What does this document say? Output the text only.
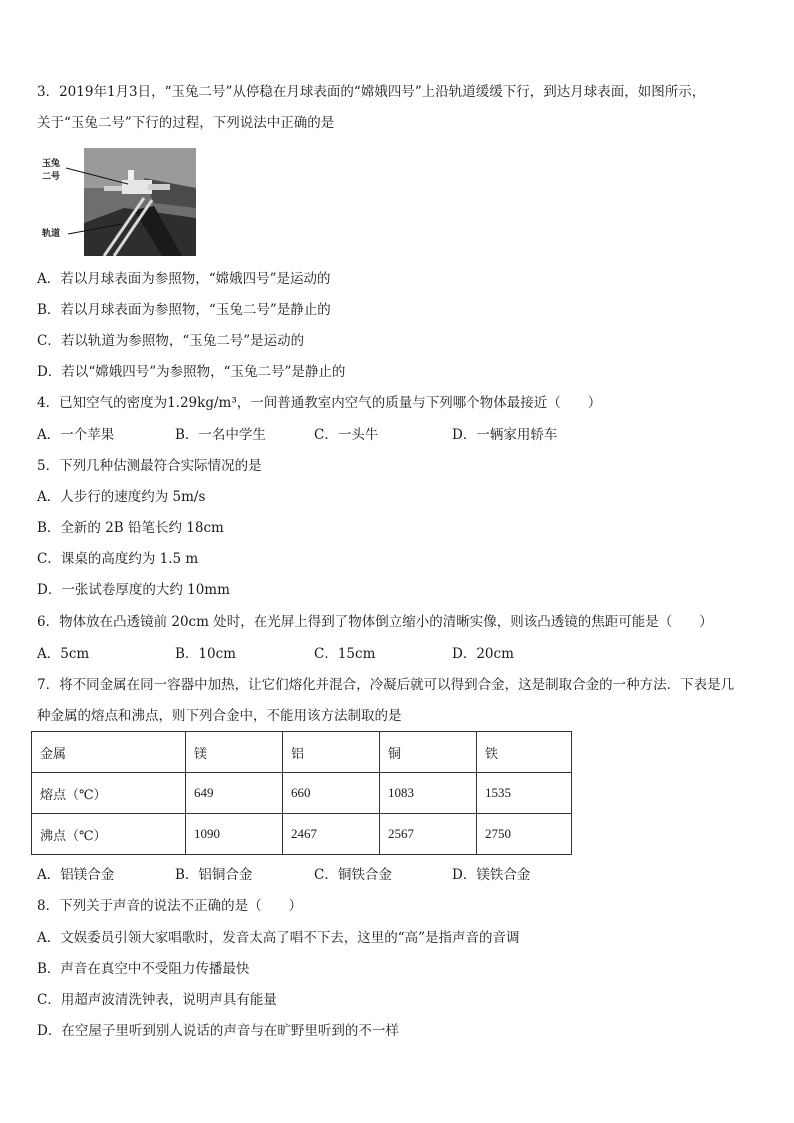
3．2019年1月3日，“玉兔二号”从停稳在月球表面的“嫦娥四号”上沿轨道缓缓下行，到达月球表面，如图所示，
关于“玉兔二号”下行的过程，下列说法中正确的是
玉兔
二号
轨道
A．若以月球表面为参照物，“嫦娥四号”是运动的
B．若以月球表面为参照物，“玉兔二号”是静止的
C．若以轨道为参照物，“玉兔二号”是运动的
D．若以“嫦娥四号”为参照物，“玉兔二号”是静止的
4．已知空气的密度为1.29kg/m³，一间普通教室内空气的质量与下列哪个物体最接近（　　）
A．一个苹果	B．一名中学生	C．一头牛	D．一辆家用轿车
5．下列几种估测最符合实际情况的是
A．人步行的速度约为 5m/s
B．全新的 2B 铅笔长约 18cm
C．课桌的高度约为 1.5 m
D．一张试卷厚度的大约 10mm
6．物体放在凸透镜前 20cm 处时，在光屏上得到了物体倒立缩小的清晰实像，则该凸透镜的焦距可能是（　　）
A．5cm	B．10cm	C．15cm	D．20cm
7．将不同金属在同一容器中加热，让它们熔化并混合，冷凝后就可以得到合金，这是制取合金的一种方法．下表是几
种金属的熔点和沸点，则下列合金中，不能用该方法制取的是
金属	镁	铝	铜	铁
熔点（℃）	649	660	1083	1535
沸点（℃）	1090	2467	2567	2750
A．铝镁合金	B．铝铜合金	C．铜铁合金	D．镁铁合金
8．下列关于声音的说法不正确的是（　　）
A．文娱委员引领大家唱歌时，发音太高了唱不下去，这里的“高”是指声音的音调
B．声音在真空中不受阻力传播最快
C．用超声波清洗钟表，说明声具有能量
D．在空屋子里听到别人说话的声音与在旷野里听到的不一样
